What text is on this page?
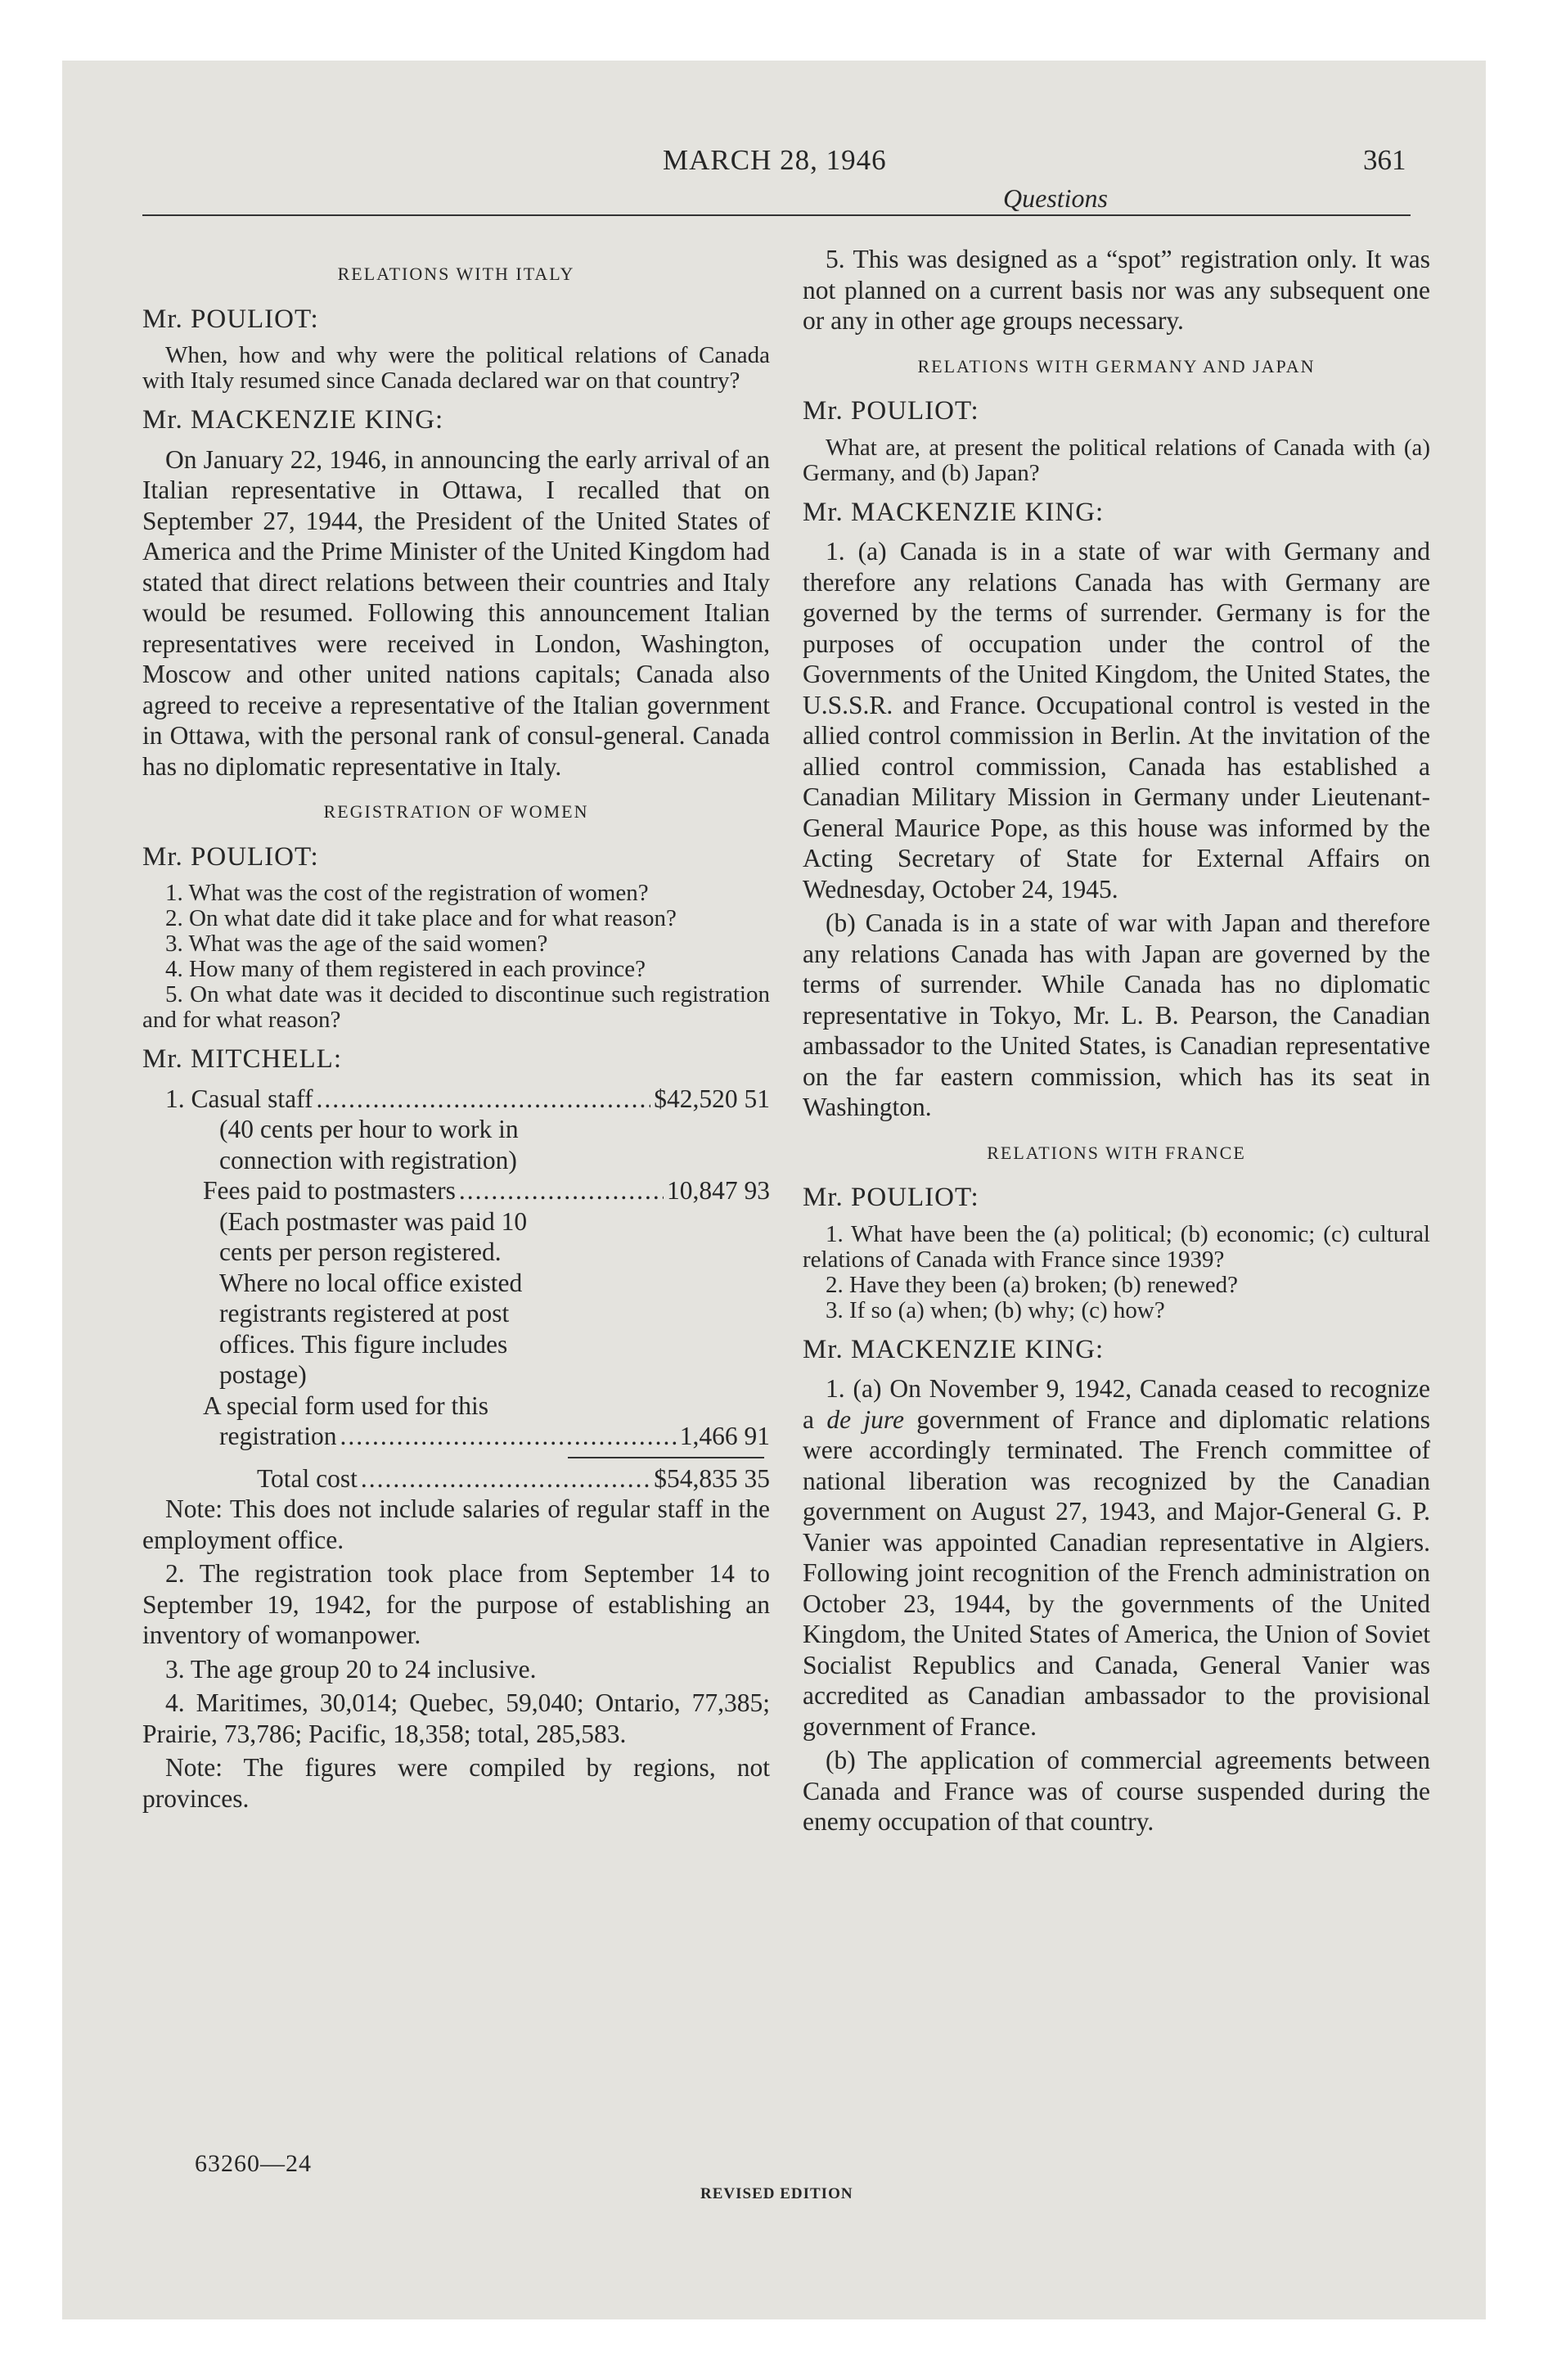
MARCH 28, 1946	361
Questions
RELATIONS WITH ITALY
Mr. POULIOT:

When, how and why were the political relations of Canada with Italy resumed since Canada declared war on that country?

Mr. MACKENZIE KING:

On January 22, 1946, in announcing the early arrival of an Italian representative in Ottawa, I recalled that on September 27, 1944, the President of the United States of America and the Prime Minister of the United Kingdom had stated that direct relations between their countries and Italy would be resumed. Following this announcement Italian representatives were received in London, Washington, Moscow and other united nations capitals; Canada also agreed to receive a representative of the Italian government in Ottawa, with the personal rank of consul-general. Canada has no diplomatic representative in Italy.

REGISTRATION OF WOMEN
Mr. POULIOT:

1. What was the cost of the registration of women?

2. On what date did it take place and for what reason?

3. What was the age of the said women?

4. How many of them registered in each province?

5. On what date was it decided to discontinue such registration and for what reason?

Mr. MITCHELL:
1. Casual staff .....	$42,520 51
(40 cents per hour to work in connection with registration)
Fees paid to postmasters .....	10,847 93
(Each postmaster was paid 10 cents per person registered. Where no local office existed registrants registered at post offices. This figure includes postage)
A special form used for this
registration .....	1,466 91
Total cost .....	$54,835 35

Note: This does not include salaries of regular staff in the employment office.

2. The registration took place from September 14 to September 19, 1942, for the purpose of establishing an inventory of womanpower.

3. The age group 20 to 24 inclusive.

4. Maritimes, 30,014; Quebec, 59,040; Ontario, 77,385; Prairie, 73,786; Pacific, 18,358; total, 285,583.

Note: The figures were compiled by regions, not provinces.

5. This was designed as a “spot” registration only. It was not planned on a current basis nor was any subsequent one or any in other age groups necessary.

RELATIONS WITH GERMANY AND JAPAN
Mr. POULIOT:

What are, at present the political relations of Canada with (a) Germany, and (b) Japan?

Mr. MACKENZIE KING:

1. (a) Canada is in a state of war with Germany and therefore any relations Canada has with Germany are governed by the terms of surrender. Germany is for the purposes of occupation under the control of the Governments of the United Kingdom, the United States, the U.S.S.R. and France. Occupational control is vested in the allied control commission in Berlin. At the invitation of the allied control commission, Canada has established a Canadian Military Mission in Germany under Lieutenant-General Maurice Pope, as this house was informed by the Acting Secretary of State for External Affairs on Wednesday, October 24, 1945.

(b) Canada is in a state of war with Japan and therefore any relations Canada has with Japan are governed by the terms of surrender. While Canada has no diplomatic representative in Tokyo, Mr. L. B. Pearson, the Canadian ambassador to the United States, is Canadian representative on the far eastern commission, which has its seat in Washington.

RELATIONS WITH FRANCE
Mr. POULIOT:

1. What have been the (a) political; (b) economic; (c) cultural relations of Canada with France since 1939?

2. Have they been (a) broken; (b) renewed?

3. If so (a) when; (b) why; (c) how?

Mr. MACKENZIE KING:

1. (a) On November 9, 1942, Canada ceased to recognize a de jure government of France and diplomatic relations were accordingly terminated. The French committee of national liberation was recognized by the Canadian government on August 27, 1943, and Major-General G. P. Vanier was appointed Canadian representative in Algiers. Following joint recognition of the French administration on October 23, 1944, by the governments of the United Kingdom, the United States of America, the Union of Soviet Socialist Republics and Canada, General Vanier was accredited as Canadian ambassador to the provisional government of France.

(b) The application of commercial agreements between Canada and France was of course suspended during the enemy occupation of that country.

63260—24
REVISED EDITION
